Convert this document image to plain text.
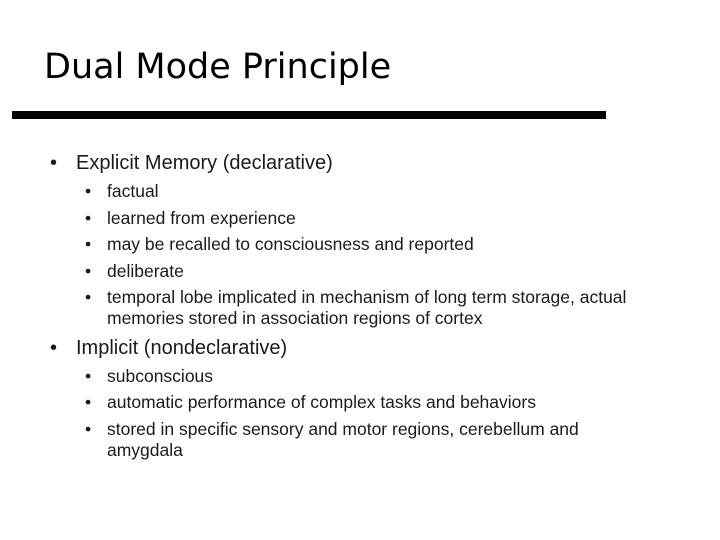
Dual Mode Principle
• Explicit Memory (declarative)
• factual
• learned from experience
• may be recalled to consciousness and reported
• deliberate
• temporal lobe implicated in mechanism of long term storage, actual memories stored in association regions of cortex
• Implicit (nondeclarative)
• subconscious
• automatic performance of complex tasks and behaviors
• stored in specific sensory and motor regions, cerebellum and amygdala
